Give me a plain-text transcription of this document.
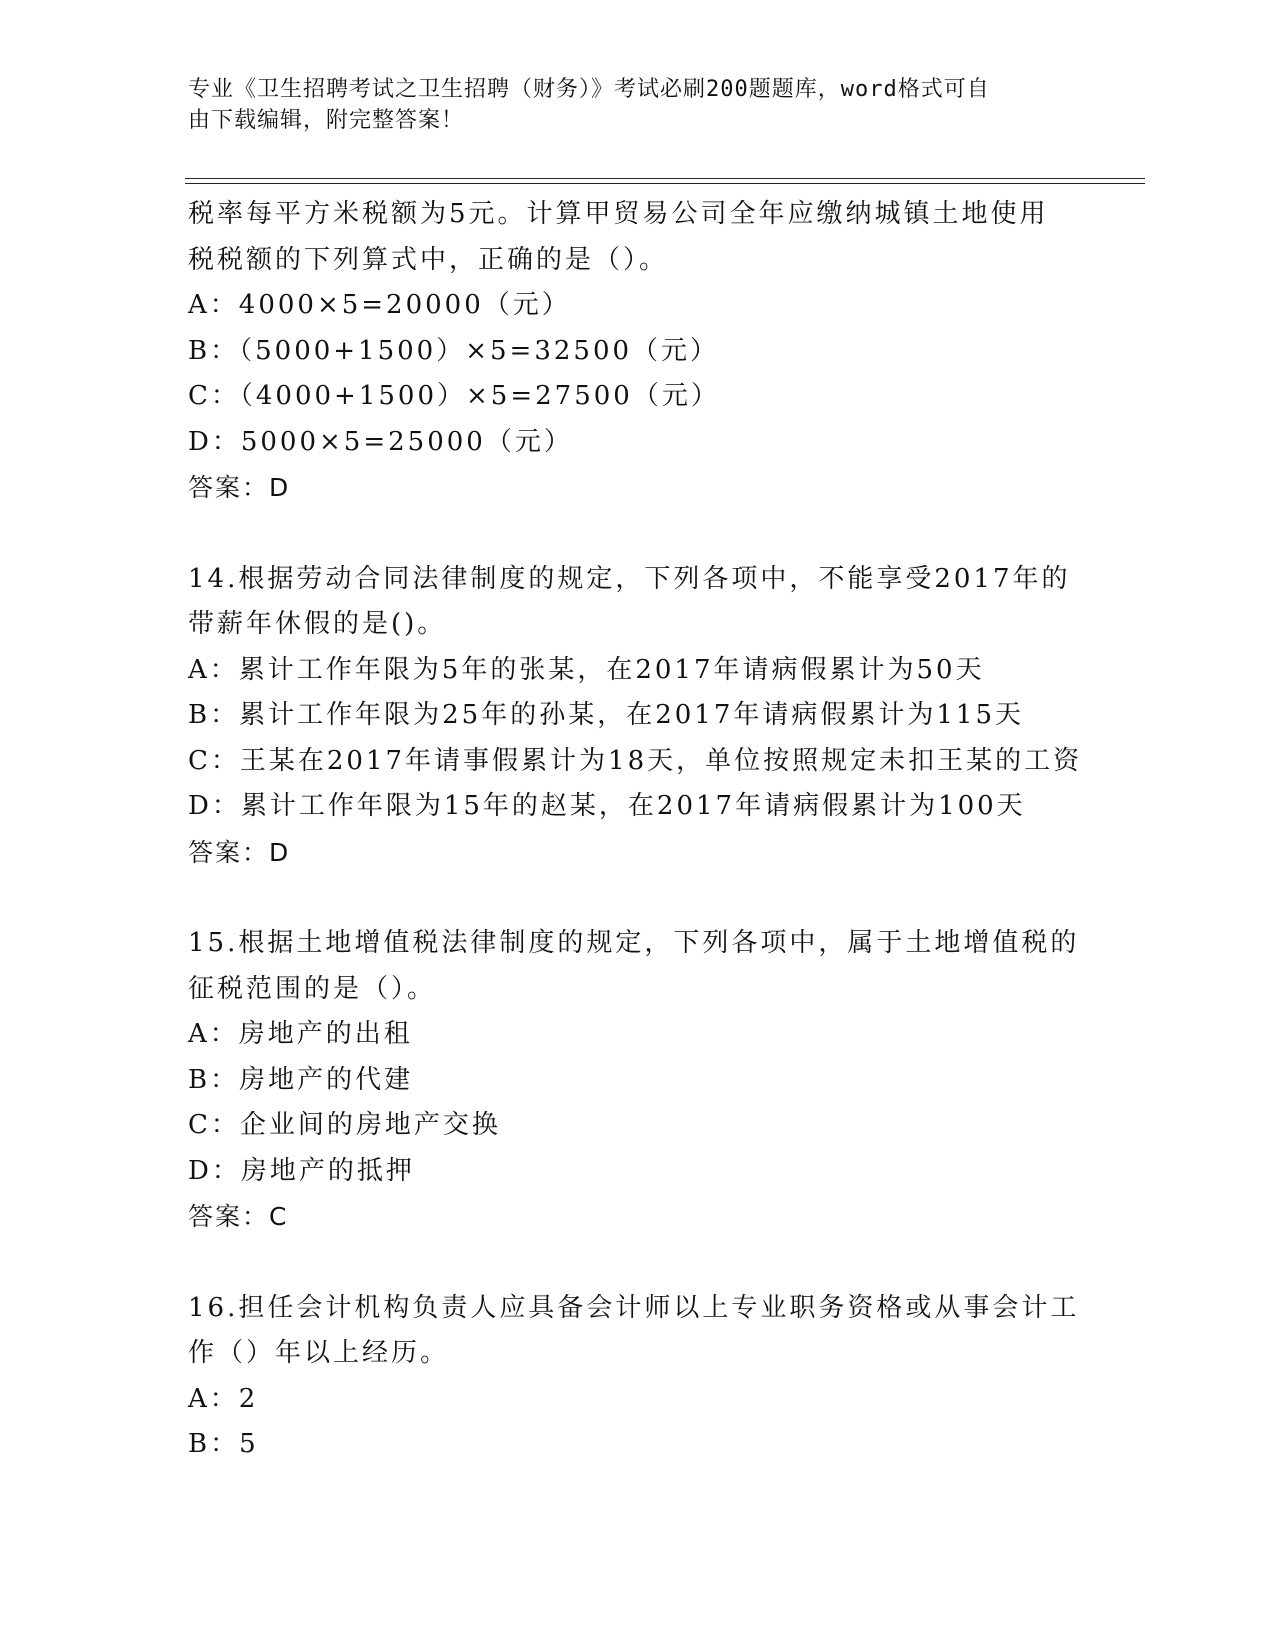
专业《卫生招聘考试之卫生招聘（财务）》考试必刷200题题库，word格式可自
由下载编辑，附完整答案！
税率每平方米税额为5元。计算甲贸易公司全年应缴纳城镇土地使用
税税额的下列算式中，正确的是（）。
A：4000×5=20000（元）
B：（5000+1500）×5=32500（元）
C：（4000+1500）×5=27500（元）
D：5000×5=25000（元）
答案：D
14.根据劳动合同法律制度的规定，下列各项中，不能享受2017年的
带薪年休假的是()。
A：累计工作年限为5年的张某，在2017年请病假累计为50天
B：累计工作年限为25年的孙某，在2017年请病假累计为115天
C：王某在2017年请事假累计为18天，单位按照规定未扣王某的工资
D：累计工作年限为15年的赵某，在2017年请病假累计为100天
答案：D
15.根据土地增值税法律制度的规定，下列各项中，属于土地增值税的
征税范围的是（）。
A：房地产的出租
B：房地产的代建
C：企业间的房地产交换
D：房地产的抵押
答案：C
16.担任会计机构负责人应具备会计师以上专业职务资格或从事会计工
作（）年以上经历。
A：2
B：5
